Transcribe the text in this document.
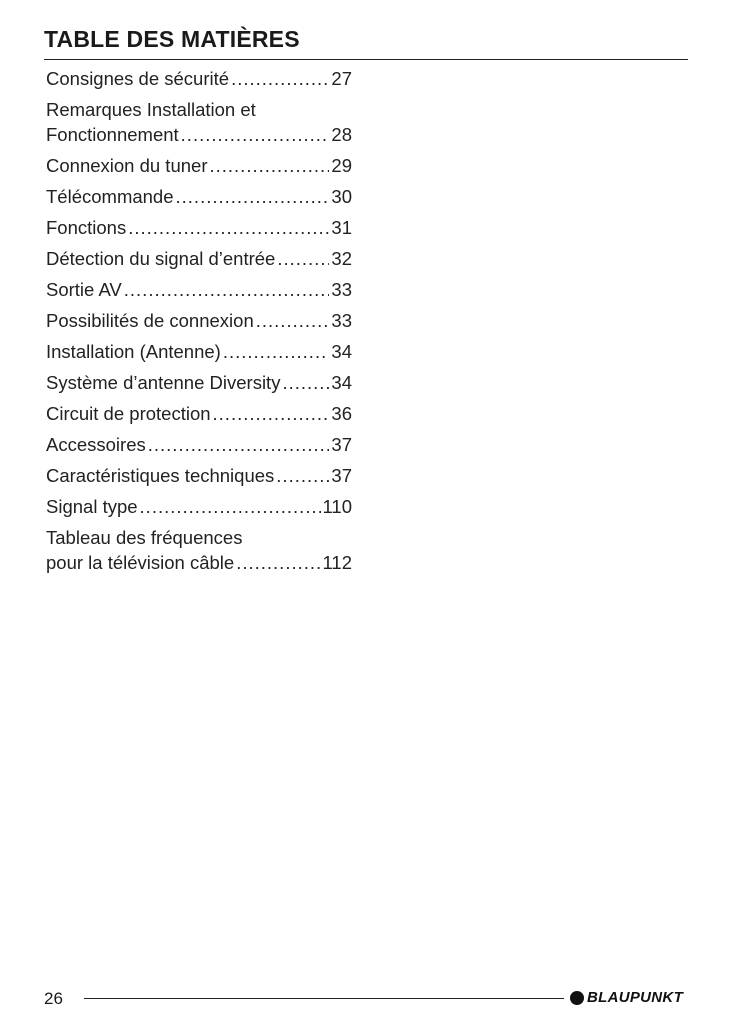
TABLE DES MATIÈRES
Consignes de sécurité .....	27
Remarques Installation et
Fonctionnement .....	28
Connexion du tuner .....	29
Télécommande .....	30
Fonctions .....	31
Détection du signal d’entrée .....	32
Sortie AV .....	33
Possibilités de connexion .....	33
Installation (Antenne) .....	34
Système d’antenne Diversity .....	34
Circuit de protection .....	36
Accessoires .....	37
Caractéristiques techniques .....	37
Signal type .....	110
Tableau des fréquences
pour la télévision câble .....	112
26	BLAUPUNKT
